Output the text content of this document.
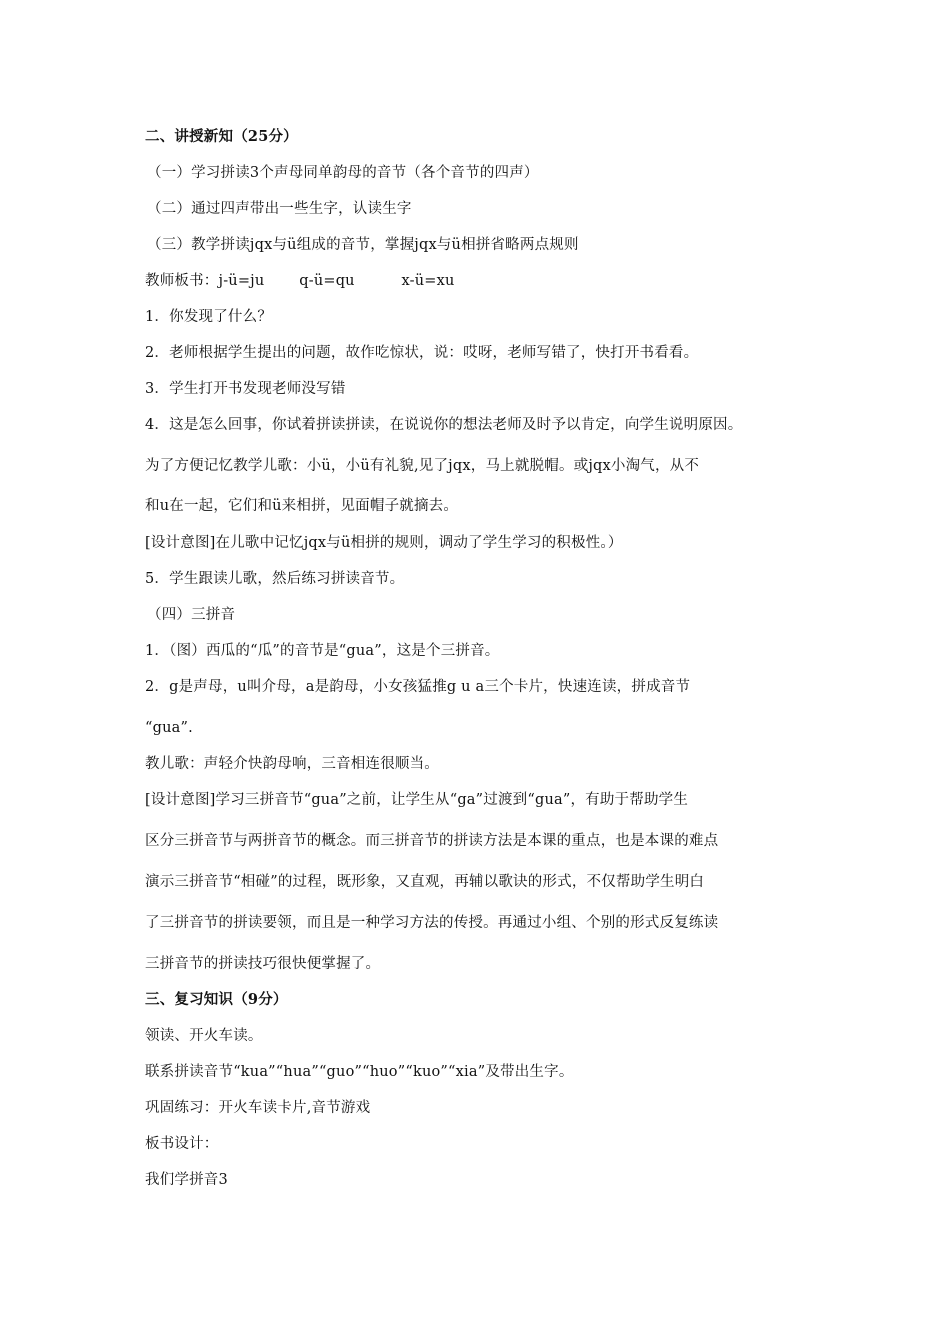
二、讲授新知（25分）
（一）学习拼读3个声母同单韵母的音节（各个音节的四声）
（二）通过四声带出一些生字，认读生字
（三）教学拼读jqx与ü组成的音节，掌握jqx与ü相拼省略两点规则
教师板书：j-ü=ju q-ü=qu	x-ü=xu
1．你发现了什么？
2．老师根据学生提出的问题，故作吃惊状，说：哎呀，老师写错了，快打开书看看。
3．学生打开书发现老师没写错
4．这是怎么回事，你试着拼读拼读，在说说你的想法老师及时予以肯定，向学生说明原因。
为了方便记忆教学儿歌：小ü，小ü有礼貌,见了jqx，马上就脱帽。或jqx小淘气，从不
和u在一起，它们和ü来相拼，见面帽子就摘去。
[设计意图]在儿歌中记忆jqx与ü相拼的规则，调动了学生学习的积极性。）
5．学生跟读儿歌，然后练习拼读音节。
（四）三拼音
1．（图）西瓜的“瓜”的音节是“gua”，这是个三拼音。
2．g是声母，u叫介母，a是韵母，小女孩猛推g u a三个卡片，快速连读，拼成音节
“gua”.
教儿歌：声轻介快韵母响，三音相连很顺当。
[设计意图]学习三拼音节“gua”之前，让学生从“ga”过渡到“gua”，有助于帮助学生
区分三拼音节与两拼音节的概念。而三拼音节的拼读方法是本课的重点，也是本课的难点
演示三拼音节“相碰”的过程，既形象，又直观，再辅以歌诀的形式，不仅帮助学生明白
了三拼音节的拼读要领，而且是一种学习方法的传授。再通过小组、个别的形式反复练读
三拼音节的拼读技巧很快便掌握了。
三、复习知识（9分）
领读、开火车读。
联系拼读音节“kua”“hua”“guo”“huo”“kuo”“xia”及带出生字。
巩固练习：开火车读卡片,音节游戏
板书设计：
我们学拼音3
